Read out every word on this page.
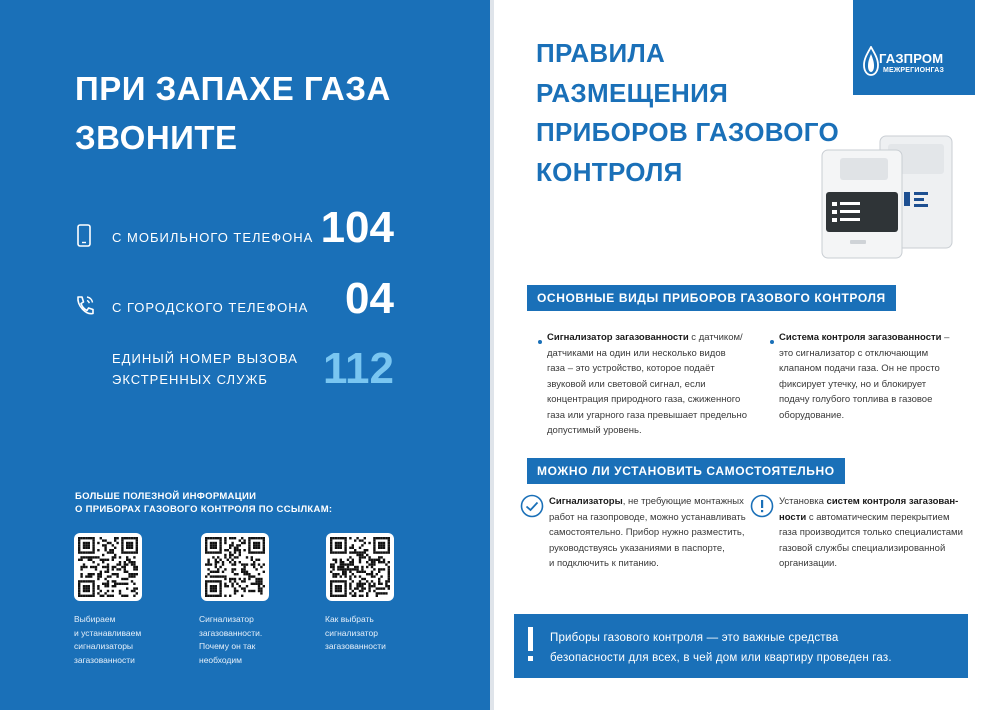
ПРИ ЗАПАХЕ ГАЗА
ЗВОНИТЕ
С МОБИЛЬНОГО ТЕЛЕФОНА 104
С ГОРОДСКОГО ТЕЛЕФОНА 04
ЕДИНЫЙ НОМЕР ВЫЗОВА
ЭКСТРЕННЫХ СЛУЖБ 112
БОЛЬШЕ ПОЛЕЗНОЙ ИНФОРМАЦИИ
О ПРИБОРАХ ГАЗОВОГО КОНТРОЛЯ ПО ССЫЛКАМ:
Выбираем
и устанавливаем
сигнализаторы
загазованности
Сигнализатор
загазованности.
Почему он так
необходим
Как выбрать
сигнализатор
загазованности
ПРАВИЛА
РАЗМЕЩЕНИЯ
ПРИБОРОВ ГАЗОВОГО
КОНТРОЛЯ
ГАЗПРОМ
МЕЖРЕГИОНГАЗ
ОСНОВНЫЕ ВИДЫ ПРИБОРОВ ГАЗОВОГО КОНТРОЛЯ
Сигнализатор загазованности с датчиком/
датчиками на один или несколько видов
газа – это устройство, которое подаёт
звуковой или световой сигнал, если
концентрация природного газа, сжиженного
газа или угарного газа превышает предельно
допустимый уровень.
Система контроля загазованности –
это сигнализатор с отключающим
клапаном подачи газа. Он не просто
фиксирует утечку, но и блокирует
подачу голубого топлива в газовое
оборудование.
МОЖНО ЛИ УСТАНОВИТЬ САМОСТОЯТЕЛЬНО
Сигнализаторы, не требующие монтажных
работ на газопроводе, можно устанавливать
самостоятельно. Прибор нужно разместить,
руководствуясь указаниями в паспорте,
и подключить к питанию.
Установка систем контроля загазован-
ности с автоматическим перекрытием
газа производится только специалистами
газовой службы специализированной
организации.
Приборы газового контроля — это важные средства
безопасности для всех, в чей дом или квартиру проведен газ.
